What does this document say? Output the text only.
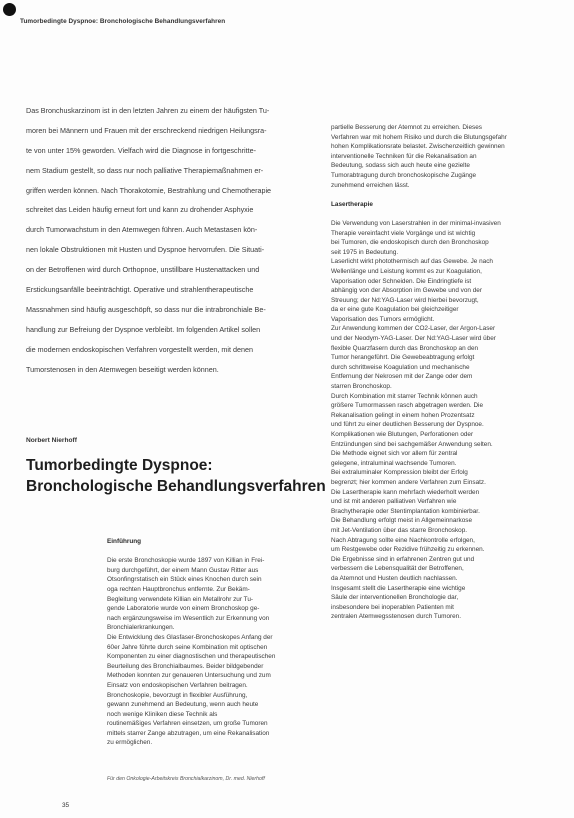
Tumorbedingte Dyspnoe: Bronchologische Behandlungsverfahren
Das Bronchuskarzinom ist in den letzten Jahren zu einem der häufigsten Tu-
moren bei Männern und Frauen mit der erschreckend niedrigen Heilungsra-
te von unter 15% geworden. Vielfach wird die Diagnose in fortgeschritte-
nem Stadium gestellt, so dass nur noch palliative Therapiemaßnahmen er-
griffen werden können. Nach Thorakotomie, Bestrahlung und Chemotherapie
schreitet das Leiden häufig erneut fort und kann zu drohender Asphyxie
durch Tumorwachstum in den Atemwegen führen. Auch Metastasen kön-
nen lokale Obstruktionen mit Husten und Dyspnoe hervorrufen. Die Situati-
on der Betroffenen wird durch Orthopnoe, unstillbare Hustenattacken und
Erstickungsanfälle beeinträchtigt. Operative und strahlentherapeutische
Massnahmen sind häufig ausgeschöpft, so dass nur die intrabronchiale Be-
handlung zur Befreiung der Dyspnoe verbleibt. Im folgenden Artikel sollen
die modernen endoskopischen Verfahren vorgestellt werden, mit denen
Tumorstenosen in den Atemwegen beseitigt werden können.
Norbert Nierhoff
Tumorbedingte Dyspnoe: Bronchologische Behandlungsverfahren
Einführung
Die erste Bronchoskopie wurde 1897 von Killian in Frei-
burg durchgeführt, der einem Mann Gustav Ritter aus
Otsonfingrstatisch ein Stück eines Knochen durch sein
oga rechten Hauptbronchus entfernte. Zur Bekäm-
Begleitung verwendete Killian ein Metallrohr zur Tu-
gende Laboratorie wurde von einem Bronchoskop ge-
nach ergänzungsweise im Wesentlich zur Erkennung von
Bronchialerkrankungen.
Die Entwicklung des Glasfaser-Bronchoskopes Anfang der
60er Jahre führte durch seine Kombination mit optischen
Komponenten zu einer diagnostischen und therapeutischen
Beurteilung des Bronchialbaumes. Beider bildgebender
Methoden konnten zur genaueren Untersuchung und zum
Einsatz von endoskopischen Verfahren beitragen.
Bronchoskopie, bevorzugt in flexibler Ausführung,
gewann zunehmend an Bedeutung, wenn auch heute
noch wenige Kliniken diese Technik als
routinemäßiges Verfahren einsetzen, um große Tumoren
mittels starrer Zange abzutragen, um eine Rekanalisation
zu ermöglichen.
Für den Onkologie-Arbeitskreis Bronchialkarzinom, Dr. med. Nierhoff
partielle Besserung der Atemnot zu erreichen. Dieses
Verfahren war mit hohem Risiko und durch die Blutungsgefahr
hohen Komplikationsrate belastet. Zwischenzeitlich gewinnen
interventionelle Techniken für die Rekanalisation an
Bedeutung, sodass sich auch heute eine gezielte
Tumorabtragung durch bronchoskopische Zugänge
zunehmend erreichen lässt.
Lasertherapie
Die Verwendung von Laserstrahlen in der minimal-invasiven
Therapie vereinfacht viele Vorgänge und ist wichtig
bei Tumoren, die endoskopisch durch den Bronchoskop
seit 1975 in Bedeutung.
Laserlicht wirkt photothermisch auf das Gewebe. Je nach
Wellenlänge und Leistung kommt es zur Koagulation,
Vaporisation oder Schneiden. Die Eindringtiefe ist
abhängig von der Absorption im Gewebe und von der
Streuung; der Nd:YAG-Laser wird hierbei bevorzugt,
da er eine gute Koagulation bei gleichzeitiger
Vaporisation des Tumors ermöglicht.
Zur Anwendung kommen der CO2-Laser, der Argon-Laser
und der Neodym-YAG-Laser. Der Nd:YAG-Laser wird über
flexible Quarzfasern durch das Bronchoskop an den
Tumor herangeführt. Die Gewebeabtragung erfolgt
durch schrittweise Koagulation und mechanische
Entfernung der Nekrosen mit der Zange oder dem
starren Bronchoskop.
Durch Kombination mit starrer Technik können auch
größere Tumormassen rasch abgetragen werden. Die
Rekanalisation gelingt in einem hohen Prozentsatz
und führt zu einer deutlichen Besserung der Dyspnoe.
Komplikationen wie Blutungen, Perforationen oder
Entzündungen sind bei sachgemäßer Anwendung selten.
Die Methode eignet sich vor allem für zentral
gelegene, intraluminal wachsende Tumoren.
Bei extraluminaler Kompression bleibt der Erfolg
begrenzt; hier kommen andere Verfahren zum Einsatz.
Die Lasertherapie kann mehrfach wiederholt werden
und ist mit anderen palliativen Verfahren wie
Brachytherapie oder Stentimplantation kombinierbar.
Die Behandlung erfolgt meist in Allgemeinnarkose
mit Jet-Ventilation über das starre Bronchoskop.
Nach Abtragung sollte eine Nachkontrolle erfolgen,
um Restgewebe oder Rezidive frühzeitig zu erkennen.
Die Ergebnisse sind in erfahrenen Zentren gut und
verbessern die Lebensqualität der Betroffenen,
da Atemnot und Husten deutlich nachlassen.
Insgesamt stellt die Lasertherapie eine wichtige
Säule der interventionellen Bronchologie dar,
insbesondere bei inoperablen Patienten mit
zentralen Atemwegsstenosen durch Tumoren.
35
